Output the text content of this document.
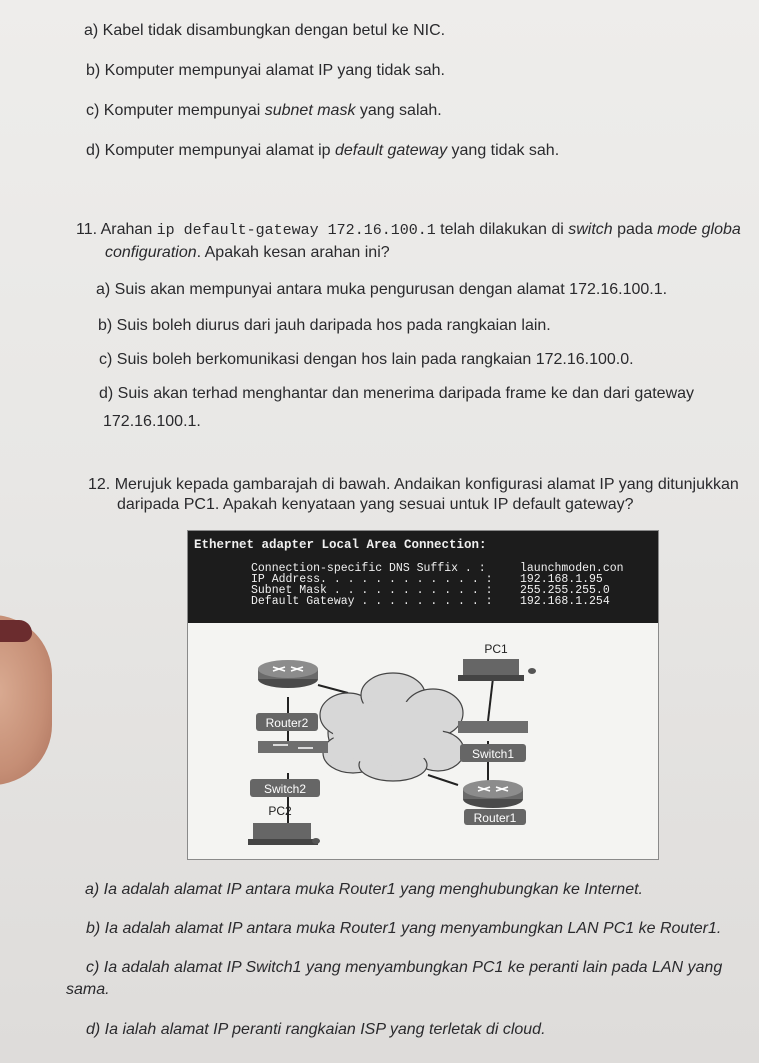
a) Kabel tidak disambungkan dengan betul ke NIC.
b) Komputer mempunyai alamat IP yang tidak sah.
c) Komputer mempunyai subnet mask yang salah.
d) Komputer mempunyai alamat ip default gateway yang tidak sah.
11. Arahan ip default-gateway 172.16.100.1 telah dilakukan di switch pada mode globa
configuration. Apakah kesan arahan ini?
a) Suis akan mempunyai antara muka pengurusan dengan alamat 172.16.100.1.
b) Suis boleh diurus dari jauh daripada hos pada rangkaian lain.
c) Suis boleh berkomunikasi dengan hos lain pada rangkaian 172.16.100.0.
d) Suis akan terhad menghantar dan menerima daripada frame ke dan dari gateway
172.16.100.1.
12. Merujuk kepada gambarajah di bawah. Andaikan konfigurasi alamat IP yang ditunjukkan
daripada PC1. Apakah kenyataan yang sesuai untuk IP default gateway?
Ethernet adapter Local Area Connection:
Connection-specific DNS Suffix . :	launchmoden.con
IP Address. . . . . . . . . . . . : 192.168.1.95
Subnet Mask . . . . . . . . . . . : 255.255.255.0
Default Gateway . . . . . . . . . : 192.168.1.254
Router2
Switch2
PC2
PC1
Switch1
Router1
a) Ia adalah alamat IP antara muka Router1 yang menghubungkan ke Internet.
b) Ia adalah alamat IP antara muka Router1 yang menyambungkan LAN PC1 ke Router1.
c) Ia adalah alamat IP Switch1 yang menyambungkan PC1 ke peranti lain pada LAN yang
sama.
d) Ia ialah alamat IP peranti rangkaian ISP yang terletak di cloud.
